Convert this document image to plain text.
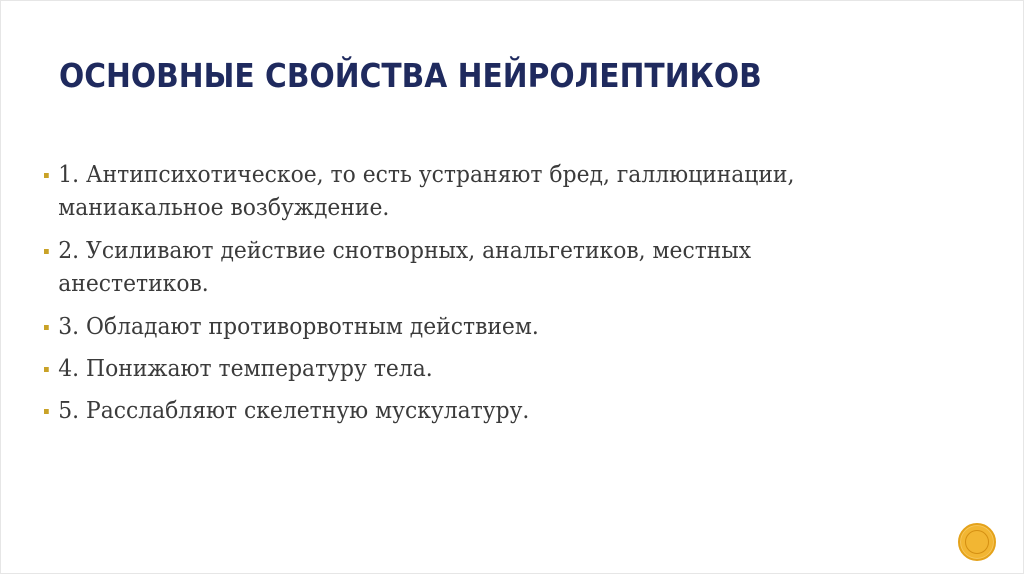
ОСНОВНЫЕ СВОЙСТВА НЕЙРОЛЕПТИКОВ
1. Антипсихотическое, то есть устраняют бред, галлюцинации,
маниакальное возбуждение.
2. Усиливают действие снотворных, анальгетиков, местных
анестетиков.
3. Обладают противорвотным действием.
4. Понижают температуру тела.
5. Расслабляют скелетную мускулатуру.
